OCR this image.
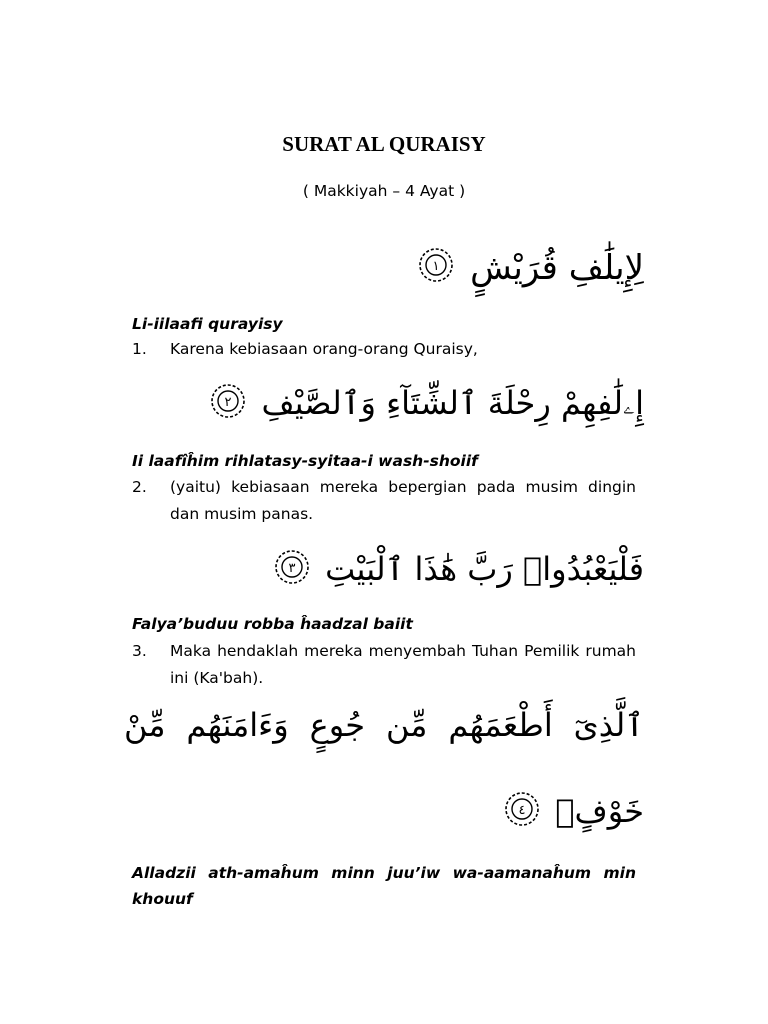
SURAT AL QURAISY
( Makkiyah – 4 Ayat )
لِإِيلَٰفِ قُرَيْشٍ
١
Li-iilaafi qurayisy
1. Karena kebiasaan orang-orang Quraisy,
إِۦلَٰفِهِمْ رِحْلَةَ ٱلشِّتَآءِ وَٱلصَّيْفِ
٢
Ii laafîĥim rihlatasy-syitaa-i wash-shoiif
2. (yaitu) kebiasaan mereka bepergian pada musim dingin dan musim panas.
فَلْيَعْبُدُوا۟ رَبَّ هَٰذَا ٱلْبَيْتِ
٣
Falya’buduu robba ĥaadzal baiit
3. Maka hendaklah mereka menyembah Tuhan Pemilik rumah ini (Ka'bah).
ٱلَّذِىٓ أَطْعَمَهُم مِّن جُوعٍ وَءَامَنَهُم مِّنْ
خَوْفٍۭ
٤
Alladzii ath-amaĥum minn juu’iw wa-aamanaĥum min khouuf
